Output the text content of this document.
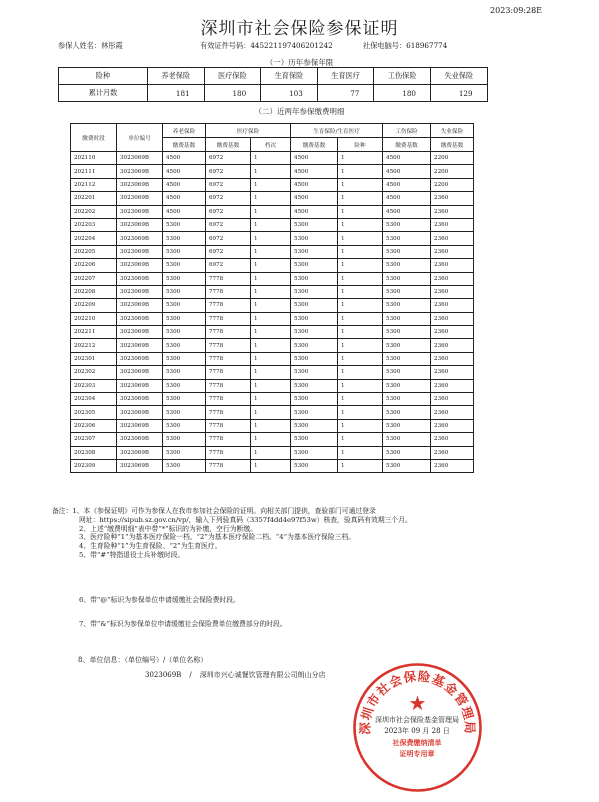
2023:09:28E
深圳市社会保险参保证明
参保人姓名：林彤霞	有效证件号码：445221197406201242	社保电脑号：618967774
（一）历年参保年限
险种	养老保险	医疗保险	生育保险	生育医疗	工伤保险	失业保险
累计月数	181	180	103	77	180	129
（二）近两年参保缴费明细
缴费时段	单位编号	养老保险	医疗保险		生育保险/生育医疗		工伤保险	失业保险
		缴费基数	缴费基数	档次	缴费基数	险种	缴费基数	缴费基数
202110	3023069B	4500	6972	1	4500	1	4500	2200
202111	3023069B	4500	6972	1	4500	1	4500	2200
202112	3023069B	4500	6972	1	4500	1	4500	2200
202201	3023069B	4500	6972	1	4500	1	4500	2360
202202	3023069B	4500	6972	1	4500	1	4500	2360
202203	3023069B	5300	6972	1	5300	1	5300	2360
202204	3023069B	5300	6972	1	5300	1	5300	2360
202205	3023069B	5300	6972	1	5300	1	5300	2360
202206	3023069B	5300	6972	1	5300	1	5300	2360
202207	3023069B	5300	7778	1	5300	1	5300	2360
202208	3023069B	5300	7778	1	5300	1	5300	2360
202209	3023069B	5300	7778	1	5300	1	5300	2360
202210	3023069B	5300	7778	1	5300	1	5300	2360
202211	3023069B	5300	7778	1	5300	1	5300	2360
202212	3023069B	5300	7778	1	5300	1	5300	2360
202301	3023069B	5300	7778	1	5300	1	5300	2360
202302	3023069B	5300	7778	1	5300	1	5300	2360
202303	3023069B	5300	7778	1	5300	1	5300	2360
202304	3023069B	5300	7778	1	5300	1	5300	2360
202305	3023069B	5300	7778	1	5300	1	5300	2360
202306	3023069B	5300	7778	1	5300	1	5300	2360
202307	3023069B	5300	7778	1	5300	1	5300	2360
202308	3023069B	5300	7778	1	5300	1	5300	2360
202309	3023069B	5300	7778	1	5300	1	5300	2360
备注：1、本《参保证明》可作为参保人在我市参加社会保险的证明。向相关部门提供，查验部门可通过登录
网址：https://sipub.sz.gov.cn/vp/，输入下列验真码（3357f4dd4e97f53w）核查，验真码有效期三个月。
2、上述“缴费明细”表中带“*”标识的为补缴，空行为断缴。
3、医疗险种“1”为基本医疗保险一档、“2”为基本医疗保险二档、“4”为基本医疗保险三档。
4、生育险种“1”为生育保险、“2”为生育医疗。
5、带“#”特指退役士兵补缴时段。
6、带“@”标识为参保单位申请缓缴社会保险费时段。
7、带“&”标识为参保单位申请缓缴社会保险费单位缴费部分的时段。
8、单位信息：（单位编号）/（单位名称）
3023069B / 深圳市兴心诚餐饮管理有限公司朗山分店
深圳市社会保险基金管理局
★
深圳市社会保险基金管理局
2023年 09 月 28 日
社保费缴纳清单
证明专用章
